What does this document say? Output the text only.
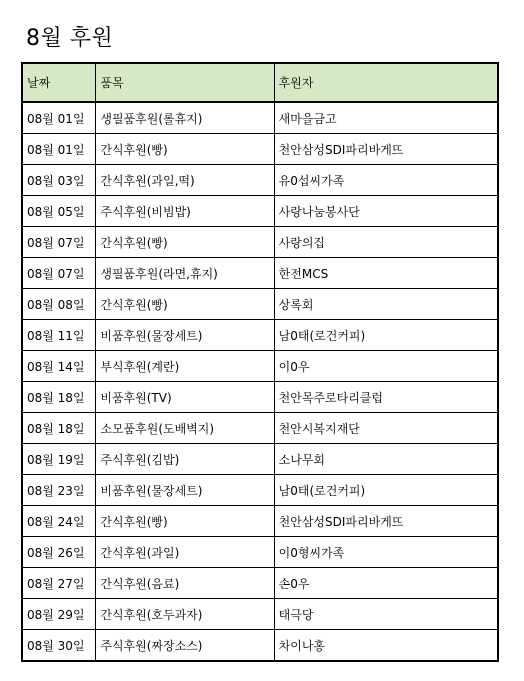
8월 후원
날짜	품목	후원자
08월 01일	생필품후원(롤휴지)	새마을금고
08월 01일	간식후원(빵)	천안삼성SDI파리바게뜨
08월 03일	간식후원(과일,떡)	유0섭씨가족
08월 05일	주식후원(비빔밥)	사랑나눔봉사단
08월 07일	간식후원(빵)	사랑의집
08월 07일	생필품후원(라면,휴지)	한전MCS
08월 08일	간식후원(빵)	상록회
08월 11일	비품후원(물장세트)	남0태(로건커피)
08월 14일	부식후원(계란)	이0우
08월 18일	비품후원(TV)	천안목주로타리클럽
08월 18일	소모품후원(도배벽지)	천안시복지재단
08월 19일	주식후원(김밥)	소나무회
08월 23일	비품후원(물장세트)	남0태(로건커피)
08월 24일	간식후원(빵)	천안삼성SDI파리바게뜨
08월 26일	간식후원(과일)	이0형씨가족
08월 27일	간식후원(음료)	손0우
08월 29일	간식후원(호두과자)	태극당
08월 30일	주식후원(짜장소스)	차이나홍
